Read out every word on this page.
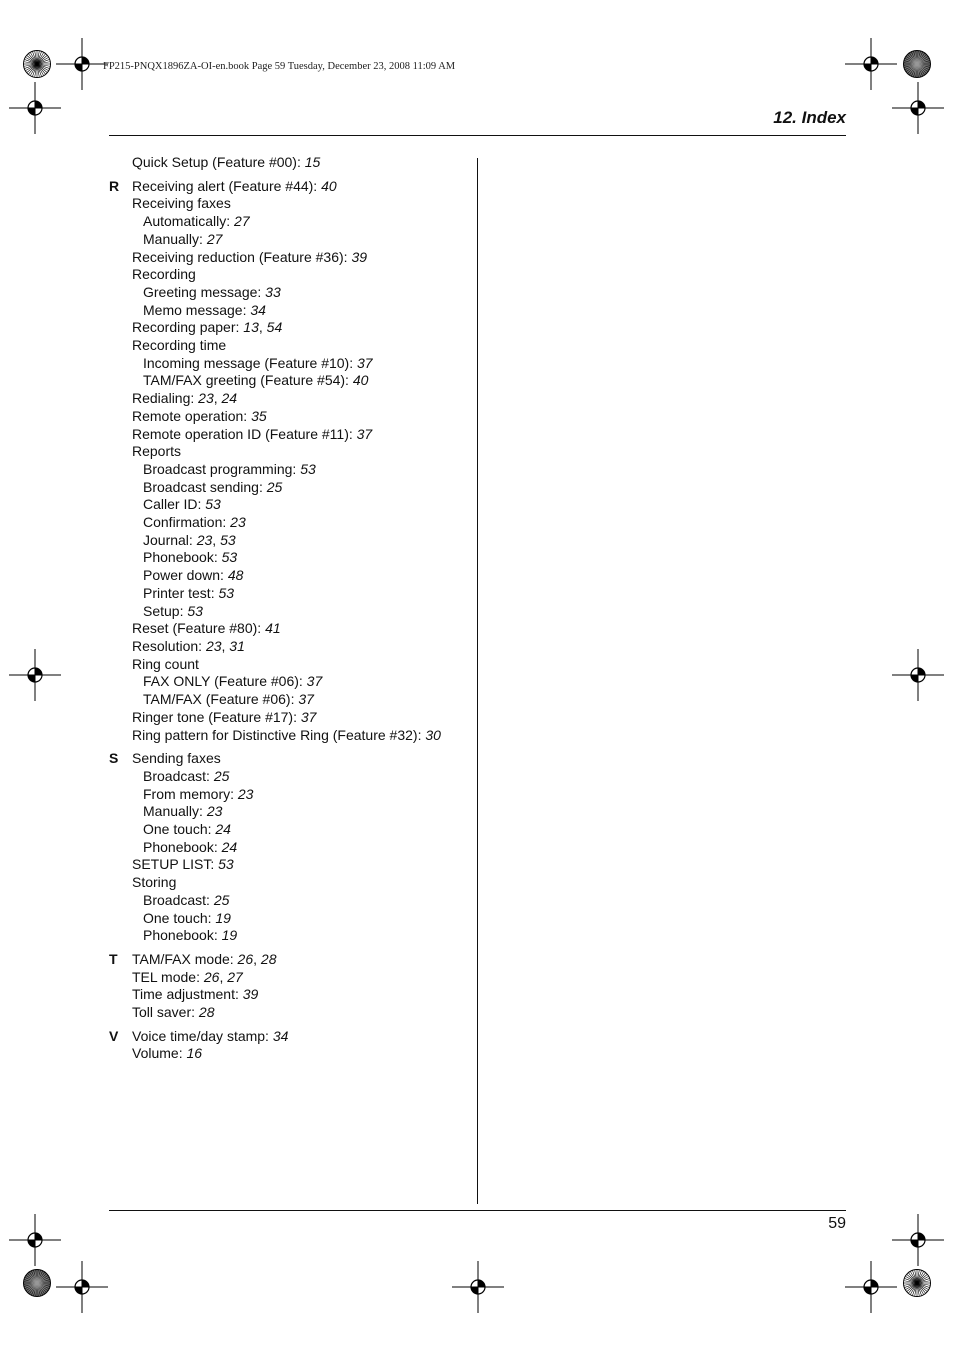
FP215-PNQX1896ZA-OI-en.book Page 59 Tuesday, December 23, 2008 11:09 AM
12. Index
Quick Setup (Feature #00): 15
R Receiving alert (Feature #44): 40
Receiving faxes
Automatically: 27
Manually: 27
Receiving reduction (Feature #36): 39
Recording
Greeting message: 33
Memo message: 34
Recording paper: 13, 54
Recording time
Incoming message (Feature #10): 37
TAM/FAX greeting (Feature #54): 40
Redialing: 23, 24
Remote operation: 35
Remote operation ID (Feature #11): 37
Reports
Broadcast programming: 53
Broadcast sending: 25
Caller ID: 53
Confirmation: 23
Journal: 23, 53
Phonebook: 53
Power down: 48
Printer test: 53
Setup: 53
Reset (Feature #80): 41
Resolution: 23, 31
Ring count
FAX ONLY (Feature #06): 37
TAM/FAX (Feature #06): 37
Ringer tone (Feature #17): 37
Ring pattern for Distinctive Ring (Feature #32): 30
S Sending faxes
Broadcast: 25
From memory: 23
Manually: 23
One touch: 24
Phonebook: 24
SETUP LIST: 53
Storing
Broadcast: 25
One touch: 19
Phonebook: 19
T TAM/FAX mode: 26, 28
TEL mode: 26, 27
Time adjustment: 39
Toll saver: 28
V Voice time/day stamp: 34
Volume: 16
59
